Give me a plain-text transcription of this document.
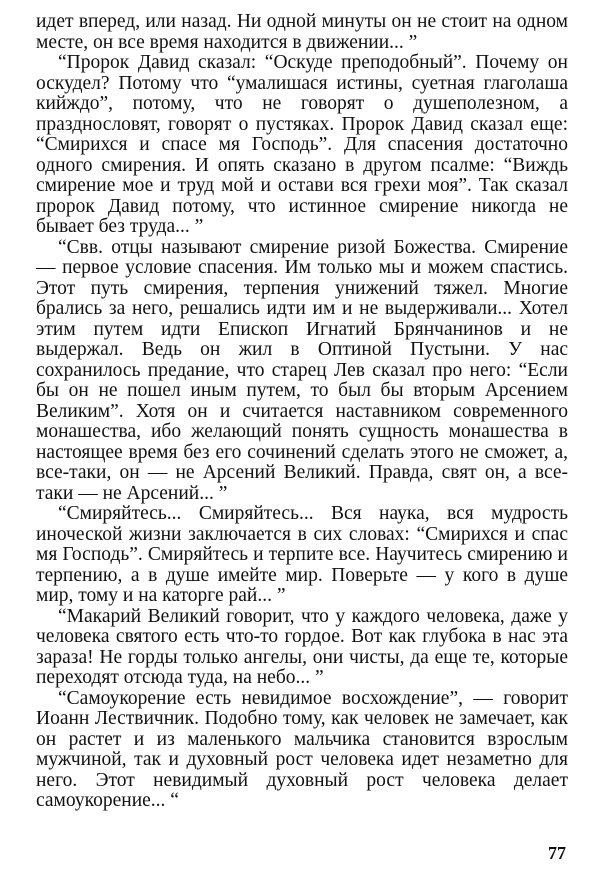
идет вперед, или назад. Ни одной минуты он не стоит на одном месте, он все время находится в движении... ”

“Пророк Давид сказал: “Оскуде преподобный”. Почему он оскудел? Потому что “умалишася истины, суетная глаголаша кийждо”, потому, что не говорят о душеполезном, а празднословят, говорят о пустяках. Пророк Давид сказал еще: “Смирихся и спасе мя Господь”. Для спасения достаточно одного смирения. И опять сказано в другом псалме: “Виждь смирение мое и труд мой и остави вся грехи моя”. Так сказал пророк Давид потому, что истинное смирение никогда не бывает без труда... ”

“Свв. отцы называют смирение ризой Божества. Смирение — первое условие спасения. Им только мы и можем спастись. Этот путь смирения, терпения унижений тяжел. Многие брались за него, решались идти им и не выдерживали... Хотел этим путем идти Епископ Игнатий Брянчанинов и не выдержал. Ведь он жил в Оптиной Пустыни. У нас сохранилось предание, что старец Лев сказал про него: “Если бы он не пошел иным путем, то был бы вторым Арсением Великим”. Хотя он и считается наставником современного монашества, ибо желающий понять сущность монашества в настоящее время без его сочинений сделать этого не сможет, а, все-таки, он — не Арсений Великий. Правда, свят он, а все-таки — не Арсений... ”

“Смиряйтесь... Смиряйтесь... Вся наука, вся мудрость иноческой жизни заключается в сих словах: “Смирихся и спас мя Господь”. Смиряйтесь и терпите все. Научитесь смирению и терпению, а в душе имейте мир. Поверьте — у кого в душе мир, тому и на каторге рай... ”

“Макарий Великий говорит, что у каждого человека, даже у человека святого есть что-то гордое. Вот как глубока в нас эта зараза! Не горды только ангелы, они чисты, да еще те, которые переходят отсюда туда, на небо... ”

“Самоукорение есть невидимое восхождение”, — говорит Иоанн Лествичник. Подобно тому, как человек не замечает, как он растет и из маленького мальчика становится взрослым мужчиной, так и духовный рост человека идет незаметно для него. Этот невидимый духовный рост человека делает самоукорение... “

77
